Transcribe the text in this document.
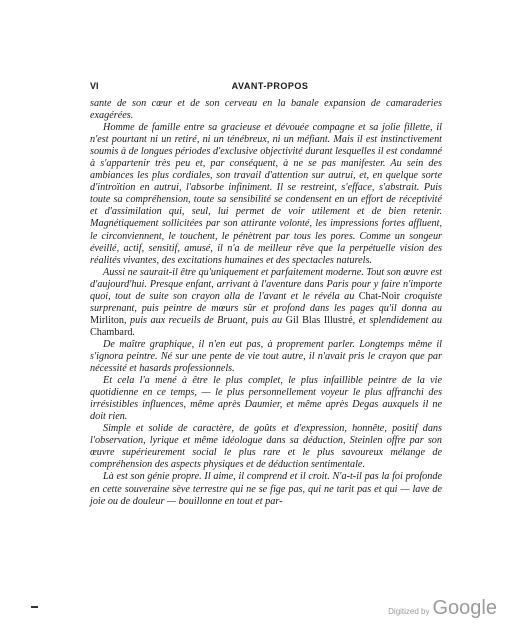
VI	AVANT-PROPOS

sante de son cœur et de son cerveau en la banale expansion de camaraderies exagérées.

Homme de famille entre sa gracieuse et dévouée compagne et sa jolie fillette, il n'est pourtant ni un retiré, ni un ténébreux, ni un méfiant. Mais il est instinctivement soumis à de longues périodes d'exclusive objectivité durant lesquelles il est condamné à s'appartenir très peu et, par conséquent, à ne se pas manifester. Au sein des ambiances les plus cordiales, son travail d'attention sur autrui, et, en quelque sorte d'introïtion en autrui, l'absorbe infiniment. Il se restreint, s'efface, s'abstrait. Puis toute sa compréhension, toute sa sensibilité se condensent en un effort de réceptivité et d'assimilation qui, seul, lui permet de voir utilement et de bien retenir. Magnétiquement sollicitées par son attirante volonté, les impressions fortes affluent, le circonviennent, le touchent, le pénètrent par tous les pores. Comme un songeur éveillé, actif, sensitif, amusé, il n'a de meilleur rêve que la perpétuelle vision des réalités vivantes, des excitations humaines et des spectacles naturels.

Aussi ne saurait-il être qu'uniquement et parfaitement moderne. Tout son œuvre est d'aujourd'hui. Presque enfant, arrivant à l'aventure dans Paris pour y faire n'importe quoi, tout de suite son crayon alla de l'avant et le révéla au Chat-Noir croquiste surprenant, puis peintre de mœurs sûr et profond dans les pages qu'il donna au Mirliton, puis aux recueils de Bruant, puis au Gil Blas Illustré, et splendidement au Chambard.

De maître graphique, il n'en eut pas, à proprement parler. Longtemps même il s'ignora peintre. Né sur une pente de vie tout autre, il n'avait pris le crayon que par nécessité et hasards professionnels.

Et cela l'a mené à être le plus complet, le plus infaillible peintre de la vie quotidienne en ce temps, — le plus personnellement voyeur le plus affranchi des irrésistibles influences, même après Daumier, et même après Degas auxquels il ne doit rien.

Simple et solide de caractère, de goûts et d'expression, honnête, positif dans l'observation, lyrique et même idéologue dans sa déduction, Steinlen offre par son œuvre supérieurement social le plus rare et le plus savoureux mélange de compréhension des aspects physiques et de déduction sentimentale.

Là est son génie propre. Il aime, il comprend et il croit. N'a-t-il pas la foi profonde en cette souveraine sève terrestre qui ne se fige pas, qui ne tarit pas et qui — lave de joie ou de douleur — bouillonne en tout et par-

Digitized by Google
